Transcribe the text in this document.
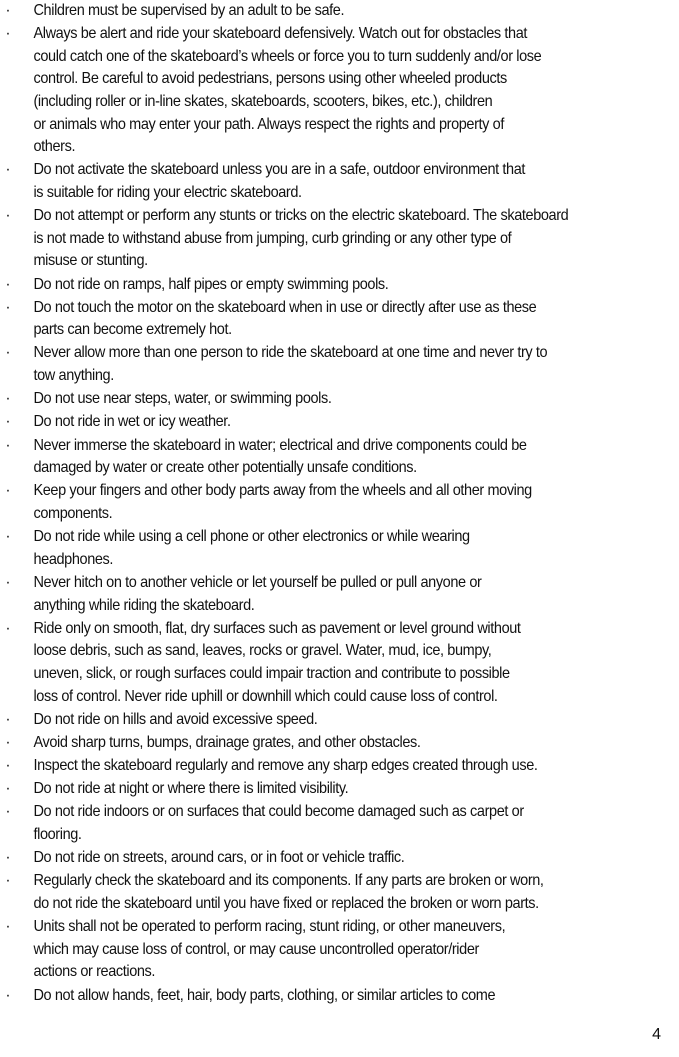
· Children must be supervised by an adult to be safe.
· Always be alert and ride your skateboard defensively. Watch out for obstacles that
could catch one of the skateboard’s wheels or force you to turn suddenly and/or lose
control. Be careful to avoid pedestrians, persons using other wheeled products
(including roller or in-line skates, skateboards, scooters, bikes, etc.), children
or animals who may enter your path. Always respect the rights and property of
others.
· Do not activate the skateboard unless you are in a safe, outdoor environment that
is suitable for riding your electric skateboard.
· Do not attempt or perform any stunts or tricks on the electric skateboard. The skateboard
is not made to withstand abuse from jumping, curb grinding or any other type of
misuse or stunting.
· Do not ride on ramps, half pipes or empty swimming pools.
· Do not touch the motor on the skateboard when in use or directly after use as these
parts can become extremely hot.
· Never allow more than one person to ride the skateboard at one time and never try to
tow anything.
· Do not use near steps, water, or swimming pools.
· Do not ride in wet or icy weather.
· Never immerse the skateboard in water; electrical and drive components could be
damaged by water or create other potentially unsafe conditions.
· Keep your fingers and other body parts away from the wheels and all other moving
components.
· Do not ride while using a cell phone or other electronics or while wearing
headphones.
· Never hitch on to another vehicle or let yourself be pulled or pull anyone or
anything while riding the skateboard.
· Ride only on smooth, flat, dry surfaces such as pavement or level ground without
loose debris, such as sand, leaves, rocks or gravel. Water, mud, ice, bumpy,
uneven, slick, or rough surfaces could impair traction and contribute to possible
loss of control. Never ride uphill or downhill which could cause loss of control.
· Do not ride on hills and avoid excessive speed.
· Avoid sharp turns, bumps, drainage grates, and other obstacles.
· Inspect the skateboard regularly and remove any sharp edges created through use.
· Do not ride at night or where there is limited visibility.
· Do not ride indoors or on surfaces that could become damaged such as carpet or
flooring.
· Do not ride on streets, around cars, or in foot or vehicle traffic.
· Regularly check the skateboard and its components. If any parts are broken or worn,
do not ride the skateboard until you have fixed or replaced the broken or worn parts.
· Units shall not be operated to perform racing, stunt riding, or other maneuvers,
which may cause loss of control, or may cause uncontrolled operator/rider
actions or reactions.
· Do not allow hands, feet, hair, body parts, clothing, or similar articles to come
4
